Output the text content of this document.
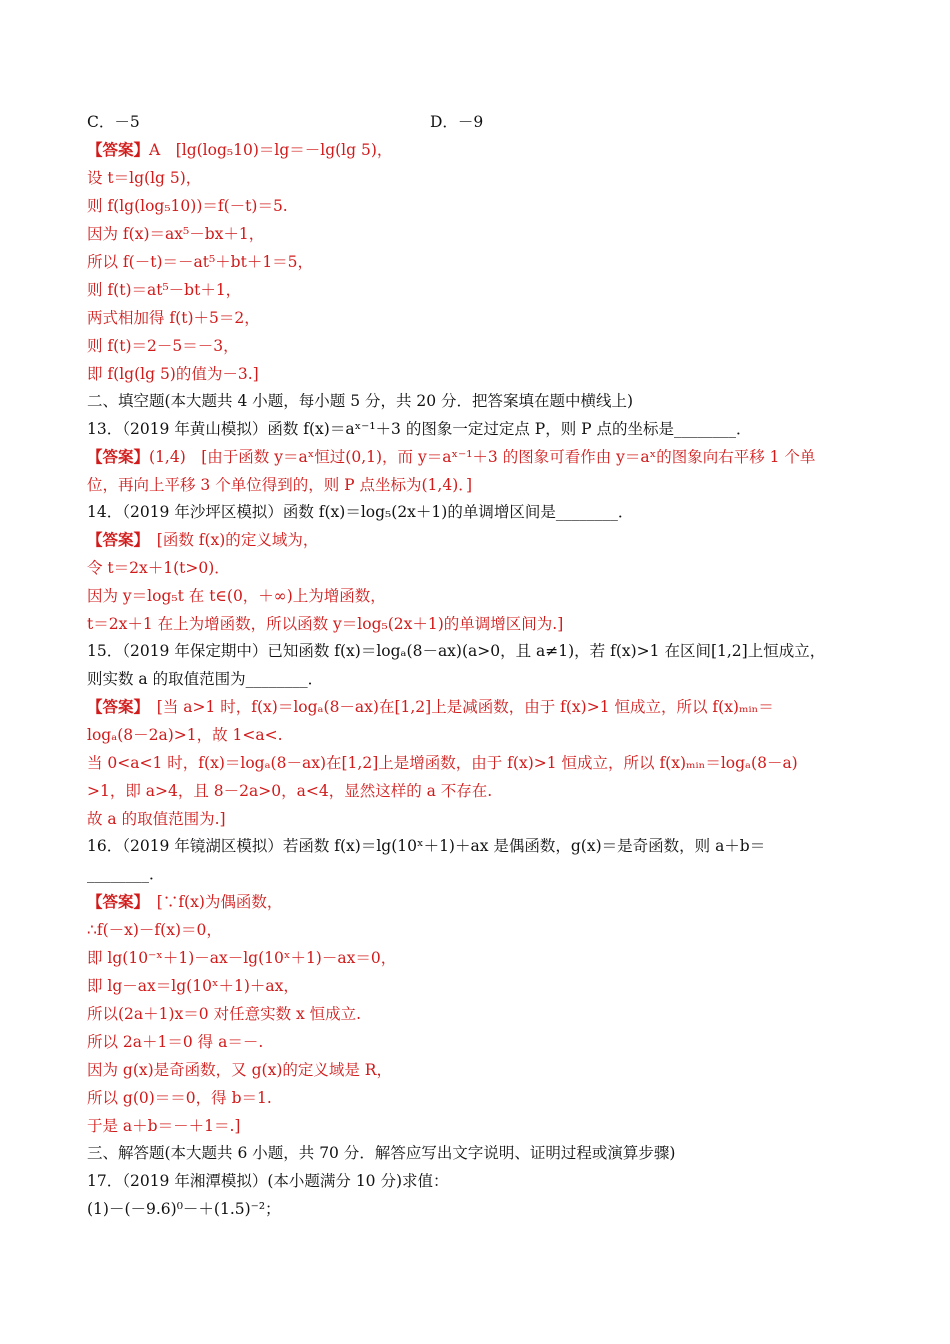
C．－5	D．－9
【答案】A　[lg(log₅10)＝lg＝－lg(lg 5)，
设 t＝lg(lg 5)，
则 f(lg(log₅10))＝f(－t)＝5.
因为 f(x)＝ax⁵－bx＋1，
所以 f(－t)＝－at⁵＋bt＋1＝5，
则 f(t)＝at⁵－bt＋1，
两式相加得 f(t)＋5＝2，
则 f(t)＝2－5＝－3，
即 f(lg(lg 5)的值为－3.]
二、填空题(本大题共 4 小题，每小题 5 分，共 20 分．把答案填在题中横线上)
13．（2019 年黄山模拟）函数 f(x)＝aˣ⁻¹＋3 的图象一定过定点 P，则 P 点的坐标是________．
【答案】(1,4)　[由于函数 y＝aˣ恒过(0,1)，而 y＝aˣ⁻¹＋3 的图象可看作由 y＝aˣ的图象向右平移 1 个单
位，再向上平移 3 个单位得到的，则 P 点坐标为(1,4)．]
14．（2019 年沙坪区模拟）函数 f(x)＝log₅(2x＋1)的单调增区间是________．
【答案】　[函数 f(x)的定义域为，
令 t＝2x＋1(t>0)．
因为 y＝log₅t 在 t∈(0，＋∞)上为增函数，
t＝2x＋1 在上为增函数，所以函数 y＝log₅(2x＋1)的单调增区间为.]
15．（2019 年保定期中）已知函数 f(x)＝logₐ(8－ax)(a>0，且 a≠1)，若 f(x)>1 在区间[1,2]上恒成立，
则实数 a 的取值范围为________．
【答案】　[当 a>1 时，f(x)＝logₐ(8－ax)在[1,2]上是减函数，由于 f(x)>1 恒成立，所以 f(x)ₘᵢₙ＝
logₐ(8－2a)>1，故 1<a<.
当 0<a<1 时，f(x)＝logₐ(8－ax)在[1,2]上是增函数，由于 f(x)>1 恒成立，所以 f(x)ₘᵢₙ＝logₐ(8－a)
>1，即 a>4，且 8－2a>0，a<4，显然这样的 a 不存在.
故 a 的取值范围为.]
16．（2019 年镜湖区模拟）若函数 f(x)＝lg(10ˣ＋1)＋ax 是偶函数，g(x)＝是奇函数，则 a＋b＝
________．
【答案】　[∵f(x)为偶函数，
∴f(－x)－f(x)＝0，
即 lg(10⁻ˣ＋1)－ax－lg(10ˣ＋1)－ax＝0，
即 lg－ax＝lg(10ˣ＋1)＋ax，
所以(2a＋1)x＝0 对任意实数 x 恒成立.
所以 2a＋1＝0 得 a＝－.
因为 g(x)是奇函数，又 g(x)的定义域是 R，
所以 g(0)＝＝0，得 b＝1.
于是 a＋b＝－＋1＝.]
三、解答题(本大题共 6 小题，共 70 分．解答应写出文字说明、证明过程或演算步骤)
17．（2019 年湘潭模拟）(本小题满分 10 分)求值：
(1)－(－9.6)⁰－＋(1.5)⁻²；
